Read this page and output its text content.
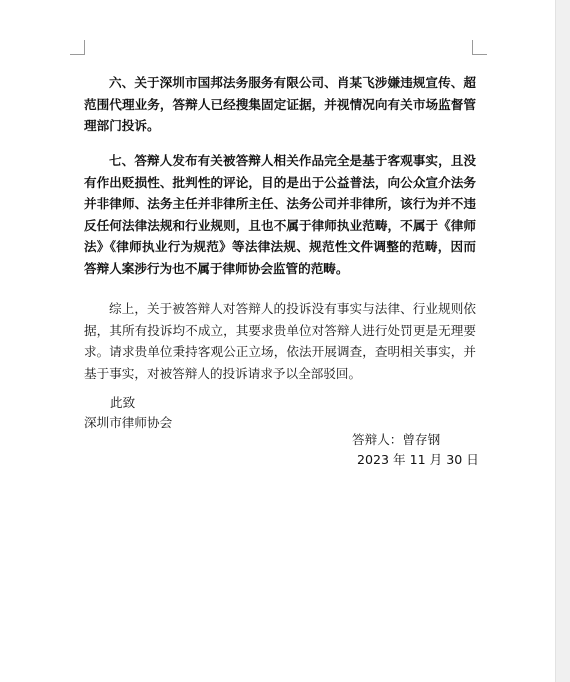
六、关于深圳市国邦法务服务有限公司、肖某飞涉嫌违规宣传、超范围代理业务，答辩人已经搜集固定证据，并视情况向有关市场监督管理部门投诉。

七、答辩人发布有关被答辩人相关作品完全是基于客观事实，且没有作出贬损性、批判性的评论，目的是出于公益普法，向公众宣介法务并非律师、法务主任并非律所主任、法务公司并非律所，该行为并不违反任何法律法规和行业规则，且也不属于律师执业范畴，不属于《律师法》《律师执业行为规范》等法律法规、规范性文件调整的范畴，因而答辩人案涉行为也不属于律师协会监管的范畴。

综上，关于被答辩人对答辩人的投诉没有事实与法律、行业规则依据，其所有投诉均不成立，其要求贵单位对答辩人进行处罚更是无理要求。请求贵单位秉持客观公正立场，依法开展调查，查明相关事实，并基于事实，对被答辩人的投诉请求予以全部驳回。

此致

深圳市律师协会

答辩人：曾存钢

2023 年 11 月 30 日
